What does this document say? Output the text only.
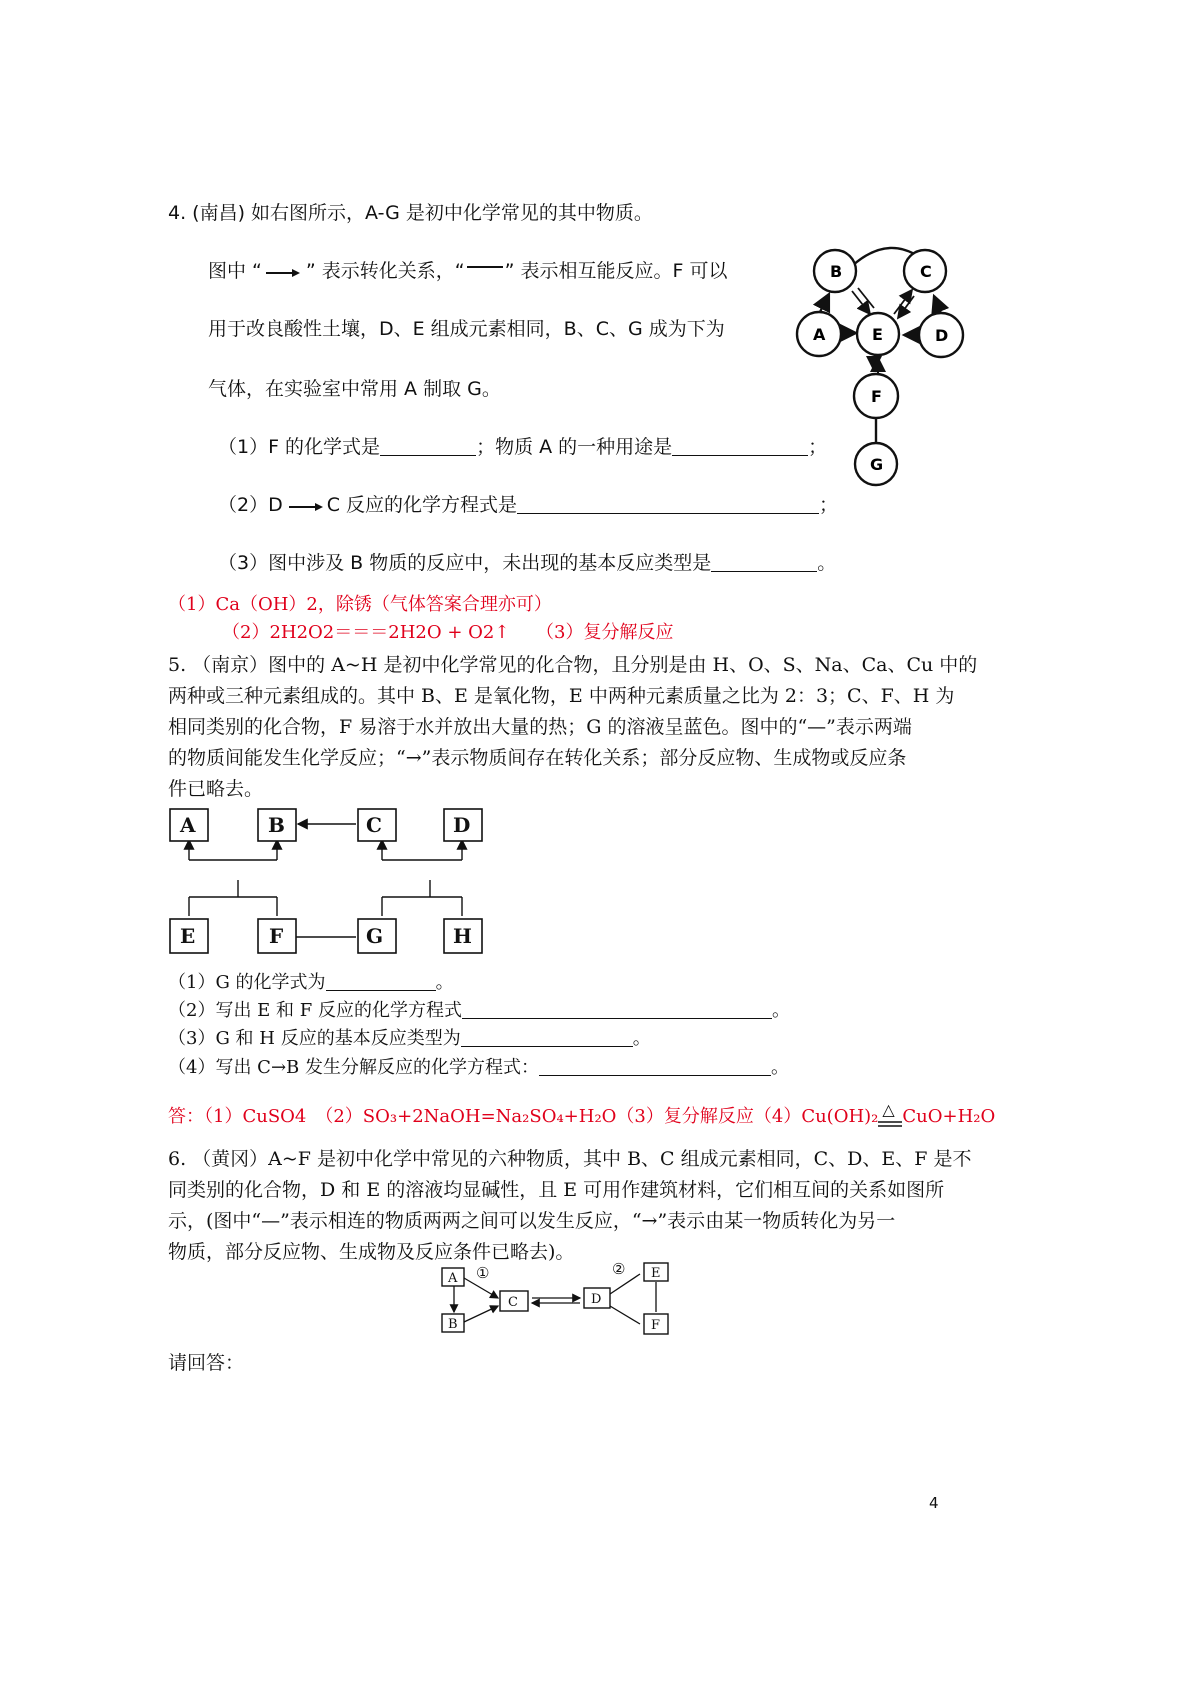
4. (南昌) 如右图所示，A-G 是初中化学常见的其中物质。
图中 “ ” 表示转化关系，“ ” 表示相互能反应。F 可以
用于改良酸性土壤，D、E 组成元素相同，B、C、G 成为下为
气体，在实验室中常用 A 制取 G。
（1）F 的化学式是	；物质 A 的一种用途是	；
（2）D C 反应的化学方程式是	；
（3）图中涉及 B 物质的反应中，未出现的基本反应类型是	。
（1）Ca（OH）2，除锈（气体答案合理亦可）
（2）2H2O2＝＝＝2H2O + O2↑ （3）复分解反应
B	C
A	E	D
F
G
5. （南京）图中的 A~H 是初中化学常见的化合物，且分别是由 H、O、S、Na、Ca、Cu 中的
两种或三种元素组成的。其中 B、E 是氧化物，E 中两种元素质量之比为 2：3；C、F、H 为
相同类别的化合物，F 易溶于水并放出大量的热；G 的溶液呈蓝色。图中的“—”表示两端
的物质间能发生化学反应；“→”表示物质间存在转化关系；部分反应物、生成物或反应条
件已略去。
A	B	C	D
E	F	G	H
（1）G 的化学式为	。
（2）写出 E 和 F 反应的化学方程式	。
（3）G 和 H 反应的基本反应类型为	。
（4）写出 C→B 发生分解反应的化学方程式：	。
答：（1）CuSO4　（2）SO₃+2NaOH=Na₂SO₄+H₂O（3）复分解反应（4）Cu(OH)₂ △ CuO+H₂O
6. （黄冈）A~F 是初中化学中常见的六种物质，其中 B、C 组成元素相同，C、D、E、F 是不
同类别的化合物，D 和 E 的溶液均显碱性，且 E 可用作建筑材料，它们相互间的关系如图所
示，(图中“—”表示相连的物质两两之间可以发生反应，“→”表示由某一物质转化为另一
物质，部分反应物、生成物及反应条件已略去)。
A
B
C	D
E
F
①	②
请回答：
4
